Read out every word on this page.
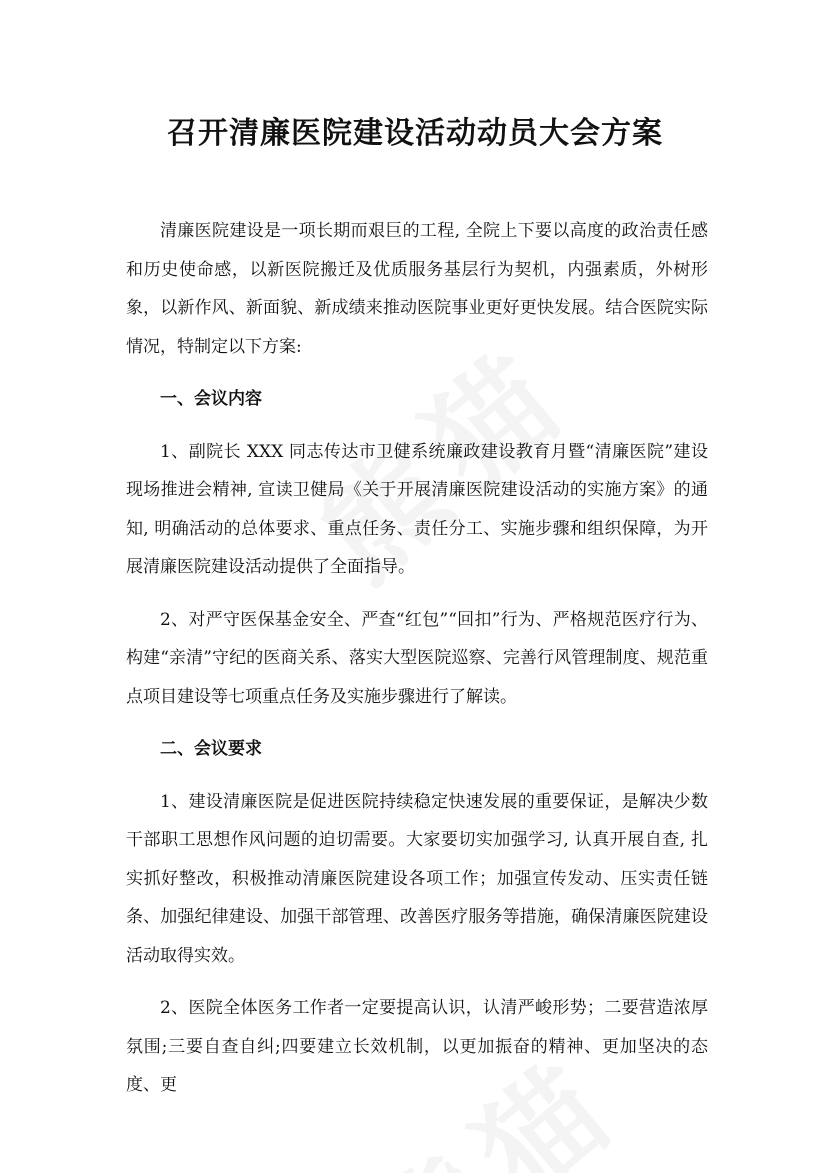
召开清廉医院建设活动动员大会方案

清廉医院建设是一项长期而艰巨的工程, 全院上下要以高度的政治责任感和历史使命感，以新医院搬迁及优质服务基层行为契机，内强素质，外树形象，以新作风、新面貌、新成绩来推动医院事业更好更快发展。结合医院实际情况，特制定以下方案:

一、会议内容

1、副院长 XXX 同志传达市卫健系统廉政建设教育月暨“清廉医院”建设现场推进会精神, 宣读卫健局《关于开展清廉医院建设活动的实施方案》的通知, 明确活动的总体要求、重点任务、责任分工、实施步骤和组织保障，为开展清廉医院建设活动提供了全面指导。

2、对严守医保基金安全、严查“红包”“回扣”行为、严格规范医疗行为、构建“亲清”守纪的医商关系、落实大型医院巡察、完善行风管理制度、规范重点项目建设等七项重点任务及实施步骤进行了解读。

二、会议要求

1、建设清廉医院是促进医院持续稳定快速发展的重要保证，是解决少数干部职工思想作风问题的迫切需要。大家要切实加强学习, 认真开展自查, 扎实抓好整改，积极推动清廉医院建设各项工作；加强宣传发动、压实责任链条、加强纪律建设、加强干部管理、改善医疗服务等措施，确保清廉医院建设活动取得实效。

2、医院全体医务工作者一定要提高认识，认清严峻形势；二要营造浓厚氛围;三要自查自纠;四要建立长效机制，以更加振奋的精神、更加坚决的态度、更
